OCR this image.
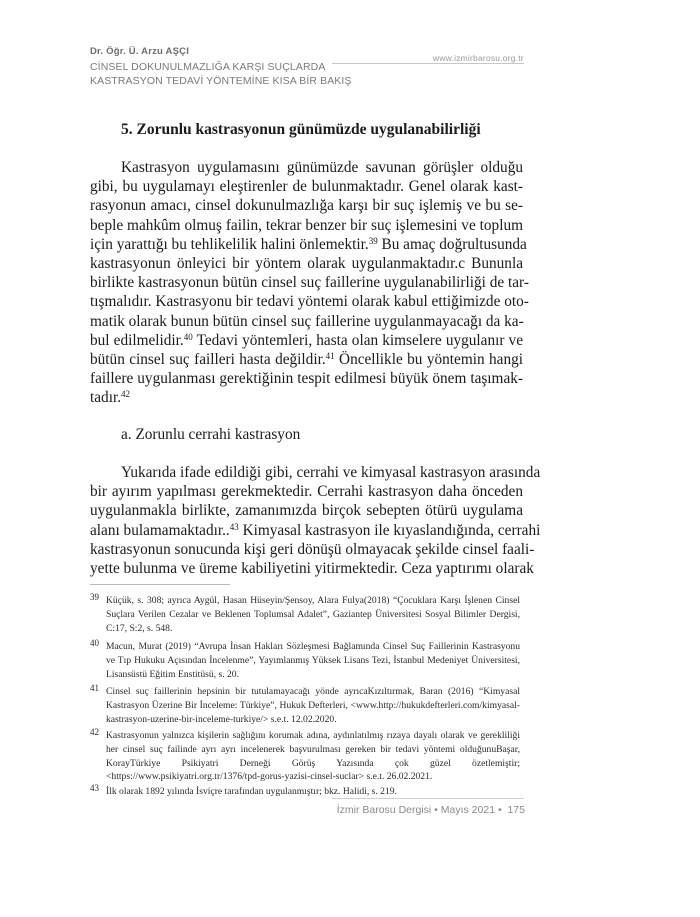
Dr. Öğr. Ü. Arzu AŞÇI
CİNSEL DOKUNULMAZLIĞA KARŞI SUÇLARDA
KASTRASYON TEDAVİ YÖNTEMİNE KISA BİR BAKIŞ
www.izmirbarosu.org.tr
5. Zorunlu kastrasyonun günümüzde uygulanabilirliği
Kastrasyon uygulamasını günümüzde savunan görüşler olduğu
gibi, bu uygulamayı eleştirenler de bulunmaktadır. Genel olarak kast-
rasyonun amacı, cinsel dokunulmazlığa karşı bir suç işlemiş ve bu se-
beple mahkûm olmuş failin, tekrar benzer bir suç işlemesini ve toplum
için yarattığı bu tehlikelilik halini önlemektir.$^{39}$ Bu amaç doğrultusunda
kastrasyonun önleyici bir yöntem olarak uygulanmaktadır.c Bununla
birlikte kastrasyonun bütün cinsel suç faillerine uygulanabilirliği de tar-
tışmalıdır. Kastrasyonu bir tedavi yöntemi olarak kabul ettiğimizde oto-
matik olarak bunun bütün cinsel suç faillerine uygulanmayacağı da ka-
bul edilmelidir.$^{40}$ Tedavi yöntemleri, hasta olan kimselere uygulanır ve
bütün cinsel suç failleri hasta değildir.$^{41}$ Öncellikle bu yöntemin hangi
faillere uygulanması gerektiğinin tespit edilmesi büyük önem taşımak-
tadır.$^{42}$
a. Zorunlu cerrahi kastrasyon
Yukarıda ifade edildiği gibi, cerrahi ve kimyasal kastrasyon arasında
bir ayırım yapılması gerekmektedir. Cerrahi kastrasyon daha önceden
uygulanmakla birlikte, zamanımızda birçok sebepten ötürü uygulama
alanı bulamamaktadır..$^{43}$ Kimyasal kastrasyon ile kıyaslandığında, cerrahi
kastrasyonun sonucunda kişi geri dönüşü olmayacak şekilde cinsel faali-
yette bulunma ve üreme kabiliyetini yitirmektedir. Ceza yaptırımı olarak
39 Küçük, s. 308; ayrıca Aygül, Hasan Hüseyin/Şensoy, Alara Fulya(2018) “Çocuklara Karşı İşlenen Cinsel Suçlara Verilen Cezalar ve Beklenen Toplumsal Adalet”, Gaziantep Üniversitesi Sosyal Bilimler Dergisi, C:17, S:2, s. 548.
40 Macun, Murat (2019) “Avrupa İnsan Hakları Sözleşmesi Bağlamında Cinsel Suç Faillerinin Kastrasyonu ve Tıp Hukuku Açısından İncelenme”, Yayımlanmış Yüksek Lisans Tezi, İstanbul Medeniyet Üniversitesi, Lisansüstü Eğitim Enstitüsü, s. 20.
41 Cinsel suç faillerinin hepsinin bir tutulamayacağı yönde ayrıcaKızıltırmak, Baran (2016) “Kimyasal Kastrasyon Üzerine Bir İnceleme: Türkiye”, Hukuk Defterleri, <www.http://hukukdefterleri.com/kimyasal-kastrasyon-uzerine-bir-inceleme-turkiye/> s.e.t. 12.02.2020.
42 Kastrasyonun yalnızca kişilerin sağlığını korumak adına, aydınlatılmış rızaya dayalı olarak ve gerekliliği her cinsel suç failinde ayrı ayrı incelenerek başvurulması gereken bir tedavi yöntemi olduğunuBaşar, KorayTürkiye Psikiyatri Derneği Görüş Yazısında çok güzel özetlemiştir; <https://www.psikiyatri.org.tr/1376/tpd-gorus-yazisi-cinsel-suclar> s.e.t. 26.02.2021.
43 İlk olarak 1892 yılında İsviçre tarafından uygulanmıştır; bkz. Halidi, s. 219.
İzmir Barosu Dergisi • Mayıs 2021 • 175
